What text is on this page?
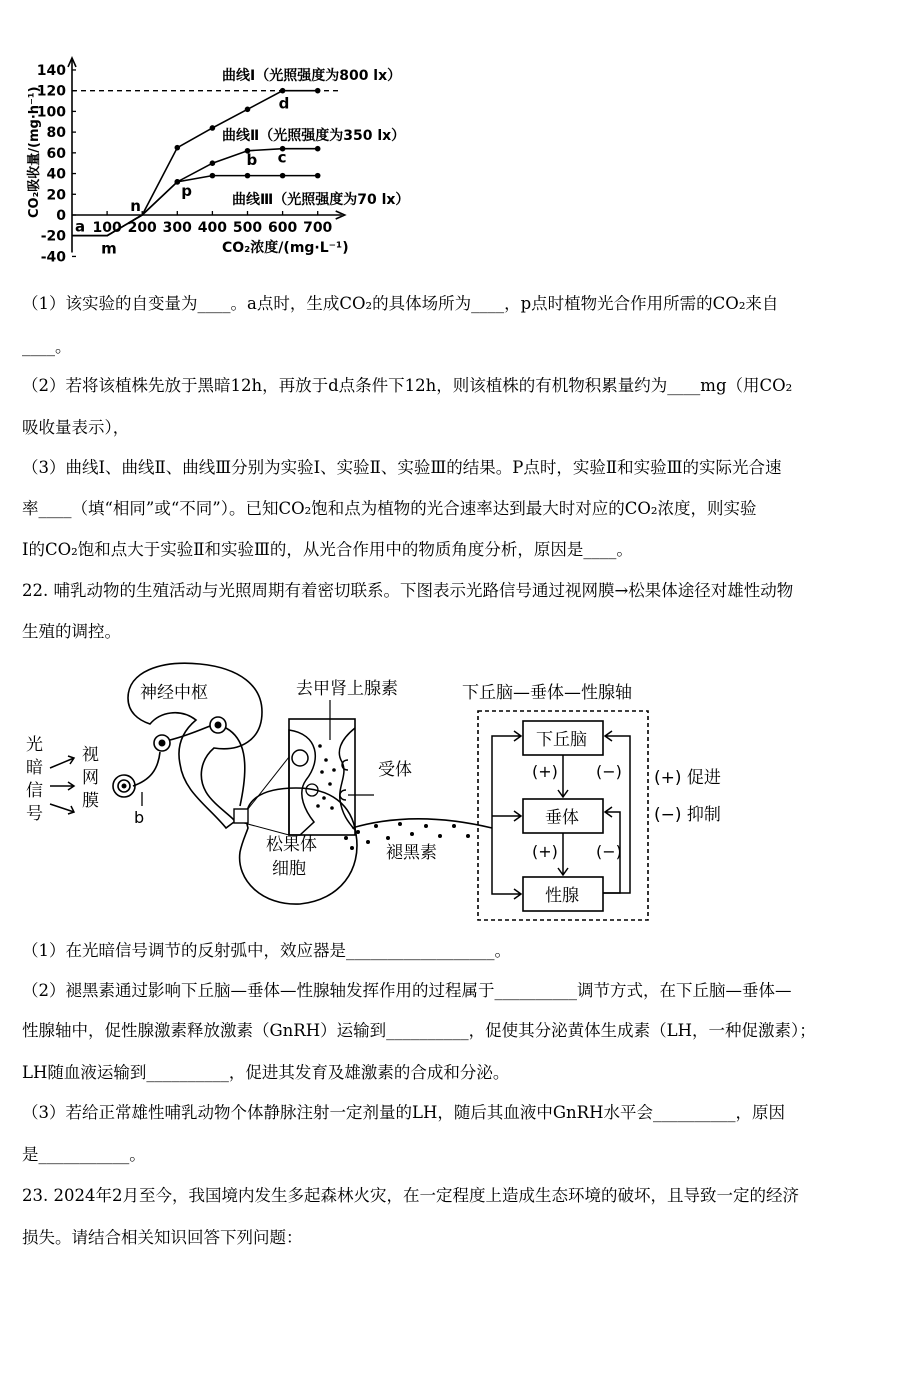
140
120
100
80
60
40
20
0
-20
-40
100 200 300 400 500 600 700
a
m
n
p
b c
d
曲线Ⅰ（光照强度为800 lx）
曲线Ⅱ（光照强度为350 lx）
曲线Ⅲ（光照强度为70 lx）
CO₂浓度/(mg·L⁻¹)
CO₂吸收量/(mg·h⁻¹)
（1）该实验的自变量为____。a点时，生成CO₂的具体场所为____，p点时植物光合作用所需的CO₂来自
____。
（2）若将该植株先放于黑暗12h，再放于d点条件下12h，则该植株的有机物积累量约为____mg（用CO₂
吸收量表示），
（3）曲线Ⅰ、曲线Ⅱ、曲线Ⅲ分别为实验Ⅰ、实验Ⅱ、实验Ⅲ的结果。P点时，实验Ⅱ和实验Ⅲ的实际光合速
率____（填“相同”或“不同”）。已知CO₂饱和点为植物的光合速率达到最大时对应的CO₂浓度，则实验
Ⅰ的CO₂饱和点大于实验Ⅱ和实验Ⅲ的，从光合作用中的物质角度分析，原因是____。
22. 哺乳动物的生殖活动与光照周期有着密切联系。下图表示光路信号通过视网膜→松果体途径对雄性动物
生殖的调控。
神经中枢
光
暗
信
号
视
网
膜
b
松果体
细胞
去甲肾上腺素
受体
褪黑素
下丘脑—垂体—性腺轴
下丘脑
垂体
性腺
(+) (−)
(+) (−)
(+) 促进
(−) 抑制
（1）在光暗信号调节的反射弧中，效应器是__________________。
（2）褪黑素通过影响下丘脑—垂体—性腺轴发挥作用的过程属于__________调节方式，在下丘脑—垂体—
性腺轴中，促性腺激素释放激素（GnRH）运输到__________，促使其分泌黄体生成素（LH，一种促激素）；
LH随血液运输到__________，促进其发育及雄激素的合成和分泌。
（3）若给正常雄性哺乳动物个体静脉注射一定剂量的LH，随后其血液中GnRH水平会__________，原因
是___________。
23. 2024年2月至今，我国境内发生多起森林火灾，在一定程度上造成生态环境的破坏，且导致一定的经济
损失。请结合相关知识回答下列问题：
